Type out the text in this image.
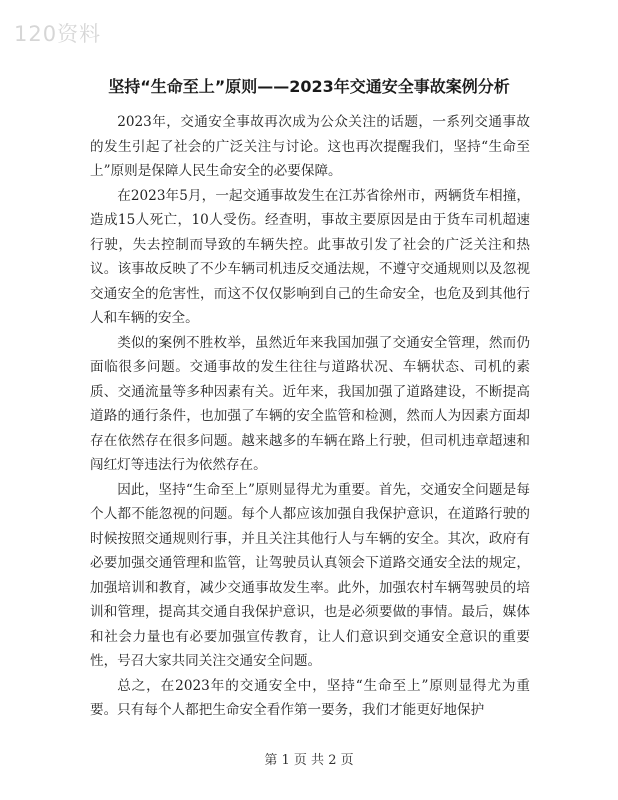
120资料
坚持“生命至上”原则——2023年交通安全事故案例分析

2023年，交通安全事故再次成为公众关注的话题，一系列交通事故的发生引起了社会的广泛关注与讨论。这也再次提醒我们，坚持“生命至上”原则是保障人民生命安全的必要保障。

在2023年5月，一起交通事故发生在江苏省徐州市，两辆货车相撞，造成15人死亡，10人受伤。经查明，事故主要原因是由于货车司机超速行驶，失去控制而导致的车辆失控。此事故引发了社会的广泛关注和热议。该事故反映了不少车辆司机违反交通法规，不遵守交通规则以及忽视交通安全的危害性，而这不仅仅影响到自己的生命安全，也危及到其他行人和车辆的安全。

类似的案例不胜枚举，虽然近年来我国加强了交通安全管理，然而仍面临很多问题。交通事故的发生往往与道路状况、车辆状态、司机的素质、交通流量等多种因素有关。近年来，我国加强了道路建设，不断提高道路的通行条件，也加强了车辆的安全监管和检测，然而人为因素方面却存在依然存在很多问题。越来越多的车辆在路上行驶，但司机违章超速和闯红灯等违法行为依然存在。

因此，坚持“生命至上”原则显得尤为重要。首先，交通安全问题是每个人都不能忽视的问题。每个人都应该加强自我保护意识，在道路行驶的时候按照交通规则行事，并且关注其他行人与车辆的安全。其次，政府有必要加强交通管理和监管，让驾驶员认真领会下道路交通安全法的规定，加强培训和教育，减少交通事故发生率。此外，加强农村车辆驾驶员的培训和管理，提高其交通自我保护意识，也是必须要做的事情。最后，媒体和社会力量也有必要加强宣传教育，让人们意识到交通安全意识的重要性，号召大家共同关注交通安全问题。

总之，在2023年的交通安全中，坚持“生命至上”原则显得尤为重要。只有每个人都把生命安全看作第一要务，我们才能更好地保护

第 1 页 共 2 页
